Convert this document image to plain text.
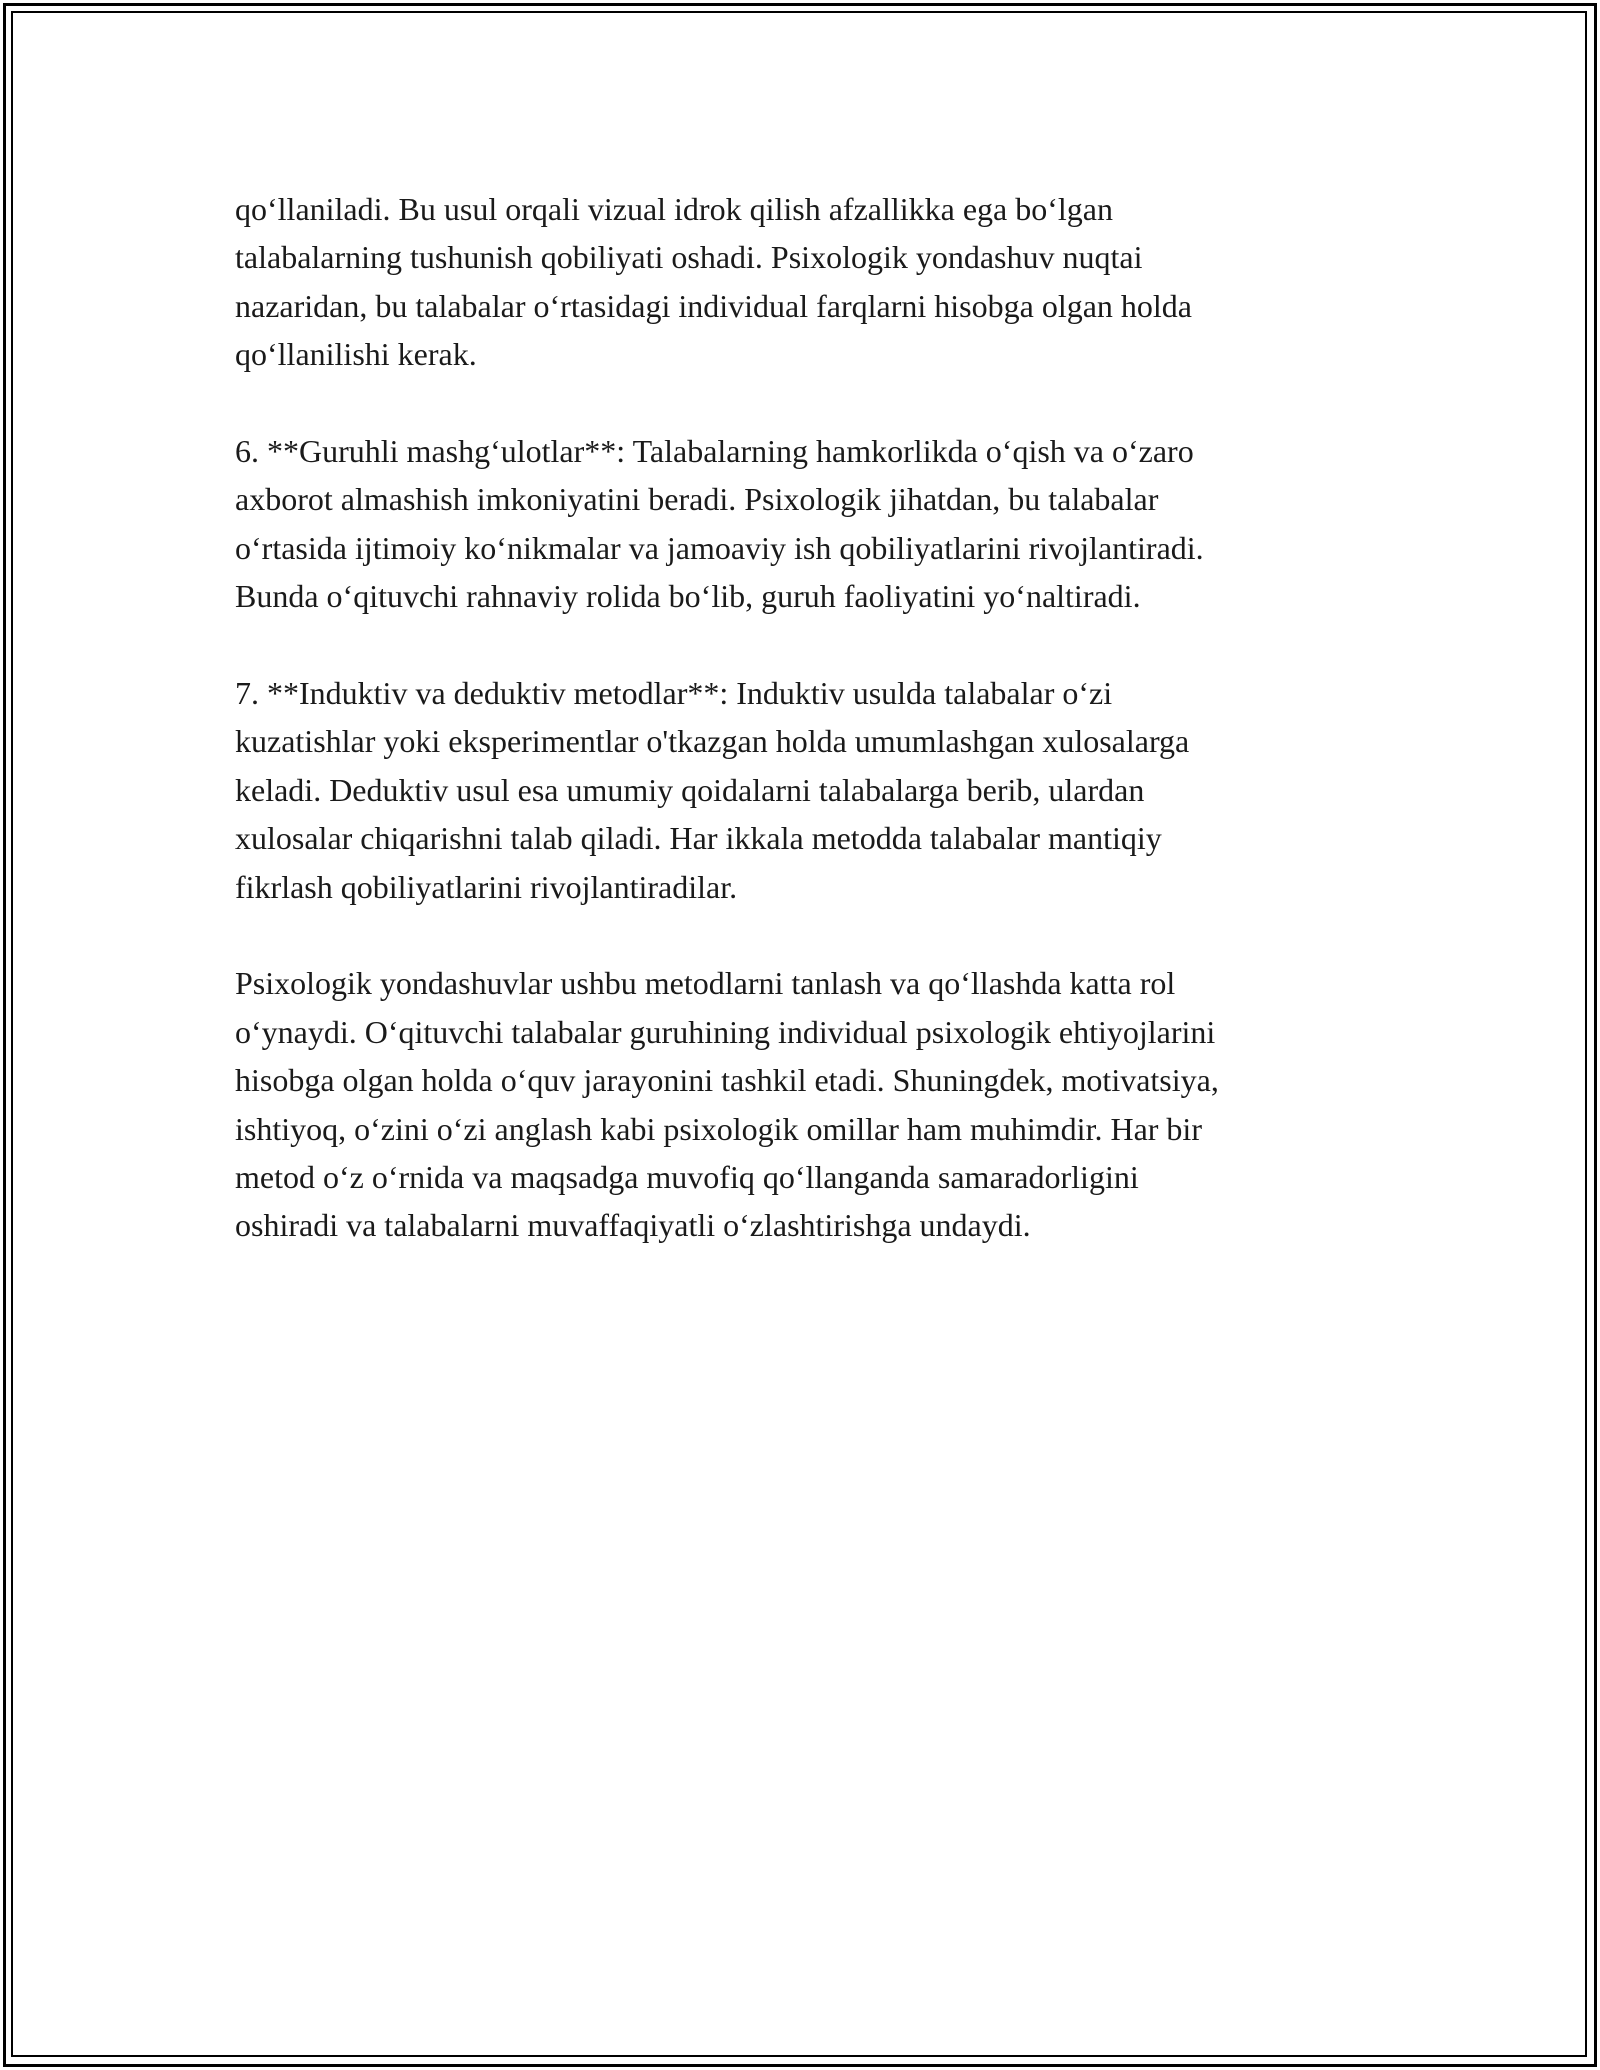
qo‘llaniladi. Bu usul orqali vizual idrok qilish afzallikka ega bo‘lgan
talabalarning tushunish qobiliyati oshadi. Psixologik yondashuv nuqtai
nazaridan, bu talabalar o‘rtasidagi individual farqlarni hisobga olgan holda
qo‘llanilishi kerak.

6. **Guruhli mashg‘ulotlar**: Talabalarning hamkorlikda o‘qish va o‘zaro
axborot almashish imkoniyatini beradi. Psixologik jihatdan, bu talabalar
o‘rtasida ijtimoiy ko‘nikmalar va jamoaviy ish qobiliyatlarini rivojlantiradi.
Bunda o‘qituvchi rahnaviy rolida bo‘lib, guruh faoliyatini yo‘naltiradi.

7. **Induktiv va deduktiv metodlar**: Induktiv usulda talabalar o‘zi
kuzatishlar yoki eksperimentlar o'tkazgan holda umumlashgan xulosalarga
keladi. Deduktiv usul esa umumiy qoidalarni talabalarga berib, ulardan
xulosalar chiqarishni talab qiladi. Har ikkala metodda talabalar mantiqiy
fikrlash qobiliyatlarini rivojlantiradilar.

Psixologik yondashuvlar ushbu metodlarni tanlash va qo‘llashda katta rol
o‘ynaydi. O‘qituvchi talabalar guruhining individual psixologik ehtiyojlarini
hisobga olgan holda o‘quv jarayonini tashkil etadi. Shuningdek, motivatsiya,
ishtiyoq, o‘zini o‘zi anglash kabi psixologik omillar ham muhimdir. Har bir
metod o‘z o‘rnida va maqsadga muvofiq qo‘llanganda samaradorligini
oshiradi va talabalarni muvaffaqiyatli o‘zlashtirishga undaydi.
